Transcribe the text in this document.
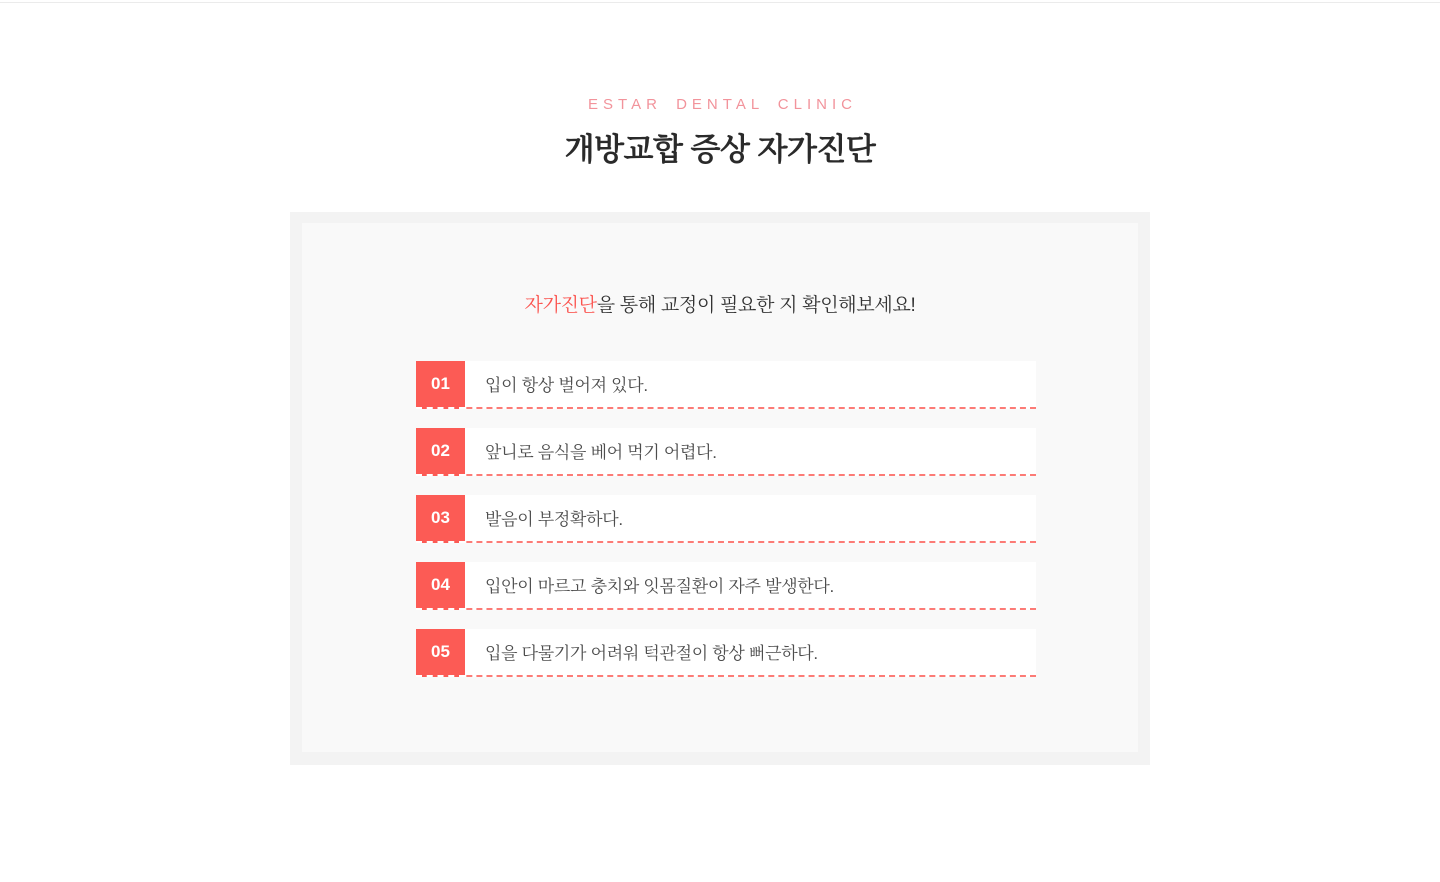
ESTAR DENTAL CLINIC
개방교합 증상 자가진단
자가진단을 통해 교정이 필요한 지 확인해보세요!
01	입이 항상 벌어져 있다.
02	앞니로 음식을 베어 먹기 어렵다.
03	발음이 부정확하다.
04	입안이 마르고 충치와 잇몸질환이 자주 발생한다.
05	입을 다물기가 어려워 턱관절이 항상 뻐근하다.
